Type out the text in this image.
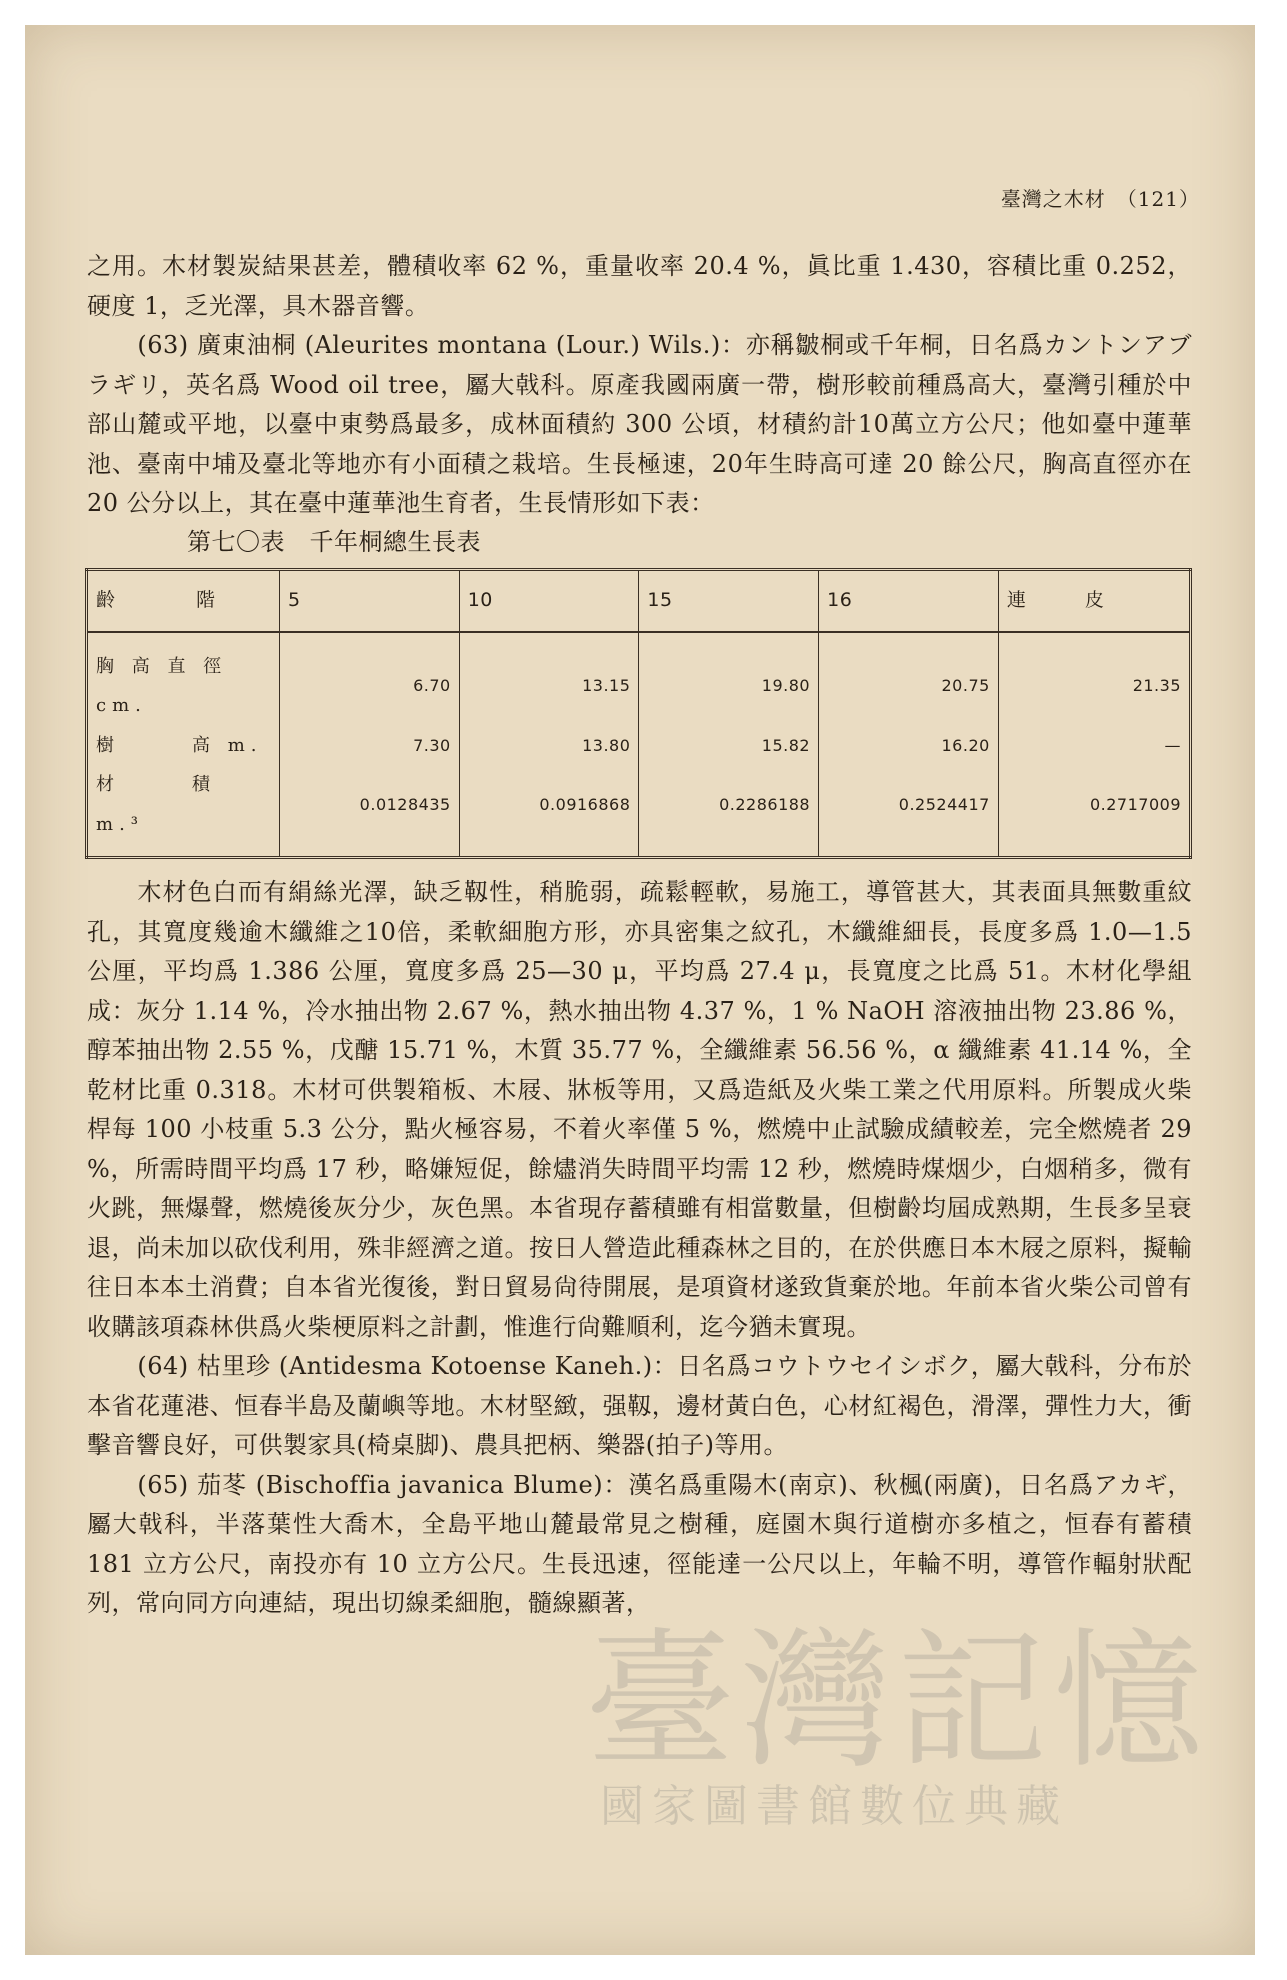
臺灣之木材　（121）

之用。木材製炭結果甚差，體積收率 62 %，重量收率 20.4 %，眞比重 1.430，容積比重 0.252，硬度 1，乏光澤，具木器音響。

(63) 廣東油桐 (Aleurites montana (Lour.) Wils.)：亦稱皺桐或千年桐，日名爲カントンアブラギリ，英名爲 Wood oil tree，屬大戟科。原產我國兩廣一帶，樹形較前種爲高大，臺灣引種於中部山麓或平地，以臺中東勢爲最多，成林面積約 300 公頃，材積約計10萬立方公尺；他如臺中蓮華池、臺南中埔及臺北等地亦有小面積之栽培。生長極速，20年生時高可達 20 餘公尺，胸高直徑亦在 20 公分以上，其在臺中蓮華池生育者，生長情形如下表：

第七〇表　千年桐總生長表
齡　　　階	5	10	15	16	連　　　皮
胸 高 直 徑 cm.	6.70	13.15	19.80	20.75	21.35
樹　　　高 m.	7.30	13.80	15.82	16.20	—
材　　　積 m.³	0.0128435	0.0916868	0.2286188	0.2524417	0.2717009

木材色白而有絹絲光澤，缺乏靱性，稍脆弱，疏鬆輕軟，易施工，導管甚大，其表面具無數重紋孔，其寬度幾逾木纖維之10倍，柔軟細胞方形，亦具密集之紋孔，木纖維細長，長度多爲 1.0—1.5 公厘，平均爲 1.386 公厘，寬度多爲 25—30 μ，平均爲 27.4 μ，長寬度之比爲 51。木材化學組成：灰分 1.14 %，冷水抽出物 2.67 %，熱水抽出物 4.37 %，1 % NaOH 溶液抽出物 23.86 %，醇苯抽出物 2.55 %，戊醣 15.71 %，木質 35.77 %，全纖維素 56.56 %，α 纖維素 41.14 %，全乾材比重 0.318。木材可供製箱板、木屐、牀板等用，又爲造紙及火柴工業之代用原料。所製成火柴桿每 100 小枝重 5.3 公分，點火極容易，不着火率僅 5 %，燃燒中止試驗成績較差，完全燃燒者 29 %，所需時間平均爲 17 秒，略嫌短促，餘燼消失時間平均需 12 秒，燃燒時煤烟少，白烟稍多，微有火跳，無爆聲，燃燒後灰分少，灰色黑。本省現存蓄積雖有相當數量，但樹齡均屆成熟期，生長多呈衰退，尚未加以砍伐利用，殊非經濟之道。按日人營造此種森林之目的，在於供應日本木屐之原料，擬輸往日本本土消費；自本省光復後，對日貿易尙待開展，是項資材遂致貨棄於地。年前本省火柴公司曾有收購該項森林供爲火柴梗原料之計劃，惟進行尙難順利，迄今猶未實現。

(64) 枯里珍 (Antidesma Kotoense Kaneh.)：日名爲コウトウセイシボク，屬大戟科，分布於本省花蓮港、恒春半島及蘭嶼等地。木材堅緻，强靱，邊材黃白色，心材紅褐色，滑澤，彈性力大，衝擊音響良好，可供製家具(椅桌脚)、農具把柄、樂器(拍子)等用。

(65) 茄苳 (Bischoffia javanica Blume)：漢名爲重陽木(南京)、秋楓(兩廣)，日名爲アカギ，屬大戟科，半落葉性大喬木，全島平地山麓最常見之樹種，庭園木與行道樹亦多植之，恒春有蓄積 181 立方公尺，南投亦有 10 立方公尺。生長迅速，徑能達一公尺以上，年輪不明，導管作輻射狀配列，常向同方向連結，現出切線柔細胞，髓線顯著，

臺灣記憶
國家圖書館數位典藏
